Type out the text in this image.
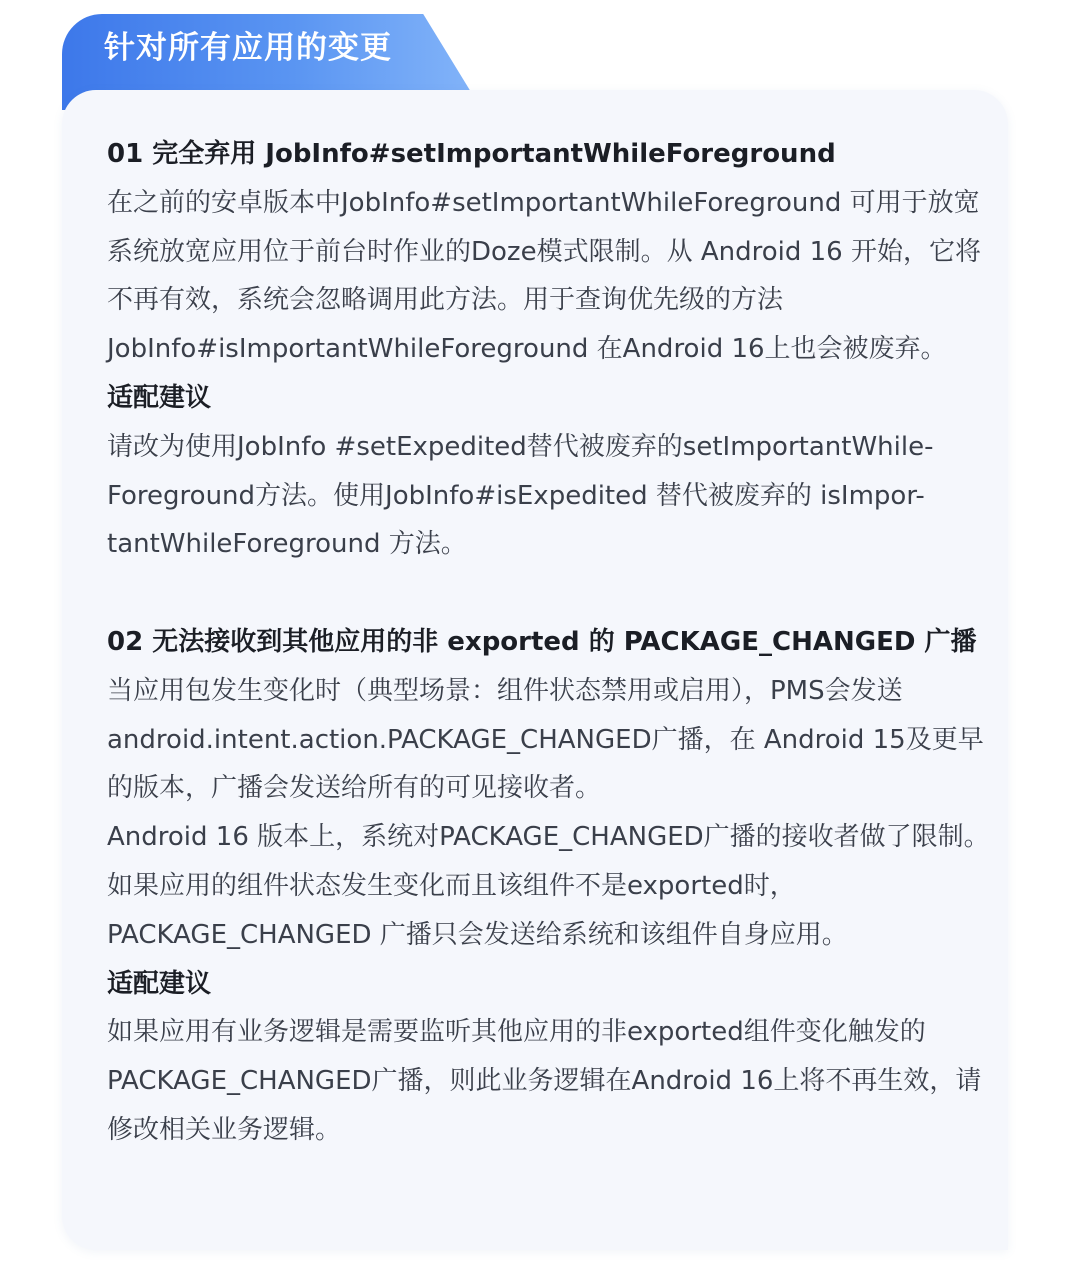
针对所有应用的变更
01 完全弃用 JobInfo#setImportantWhileForeground

在之前的安卓版本中JobInfo#setImportantWhileForeground 可用于放宽系统放宽应用位于前台时作业的Doze模式限制。从 Android 16 开始，它将不再有效，系统会忽略调用此方法。用于查询优先级的方法JobInfo#isImportantWhileForeground 在Android 16上也会被废弃。

适配建议

请改为使用JobInfo #setExpedited替代被废弃的setImportantWhile-Foreground方法。使用JobInfo#isExpedited 替代被废弃的 isImpor-tantWhileForeground 方法。

02 无法接收到其他应用的非 exported 的 PACKAGE_CHANGED 广播

当应用包发生变化时（典型场景：组件状态禁用或启用），PMS会发送android.intent.action.PACKAGE_CHANGED广播，在 Android 15及更早的版本，广播会发送给所有的可见接收者。

Android 16 版本上，系统对PACKAGE_CHANGED广播的接收者做了限制。如果应用的组件状态发生变化而且该组件不是exported时，PACKAGE_CHANGED 广播只会发送给系统和该组件自身应用。

适配建议

如果应用有业务逻辑是需要监听其他应用的非exported组件变化触发的PACKAGE_CHANGED广播，则此业务逻辑在Android 16上将不再生效，请修改相关业务逻辑。
